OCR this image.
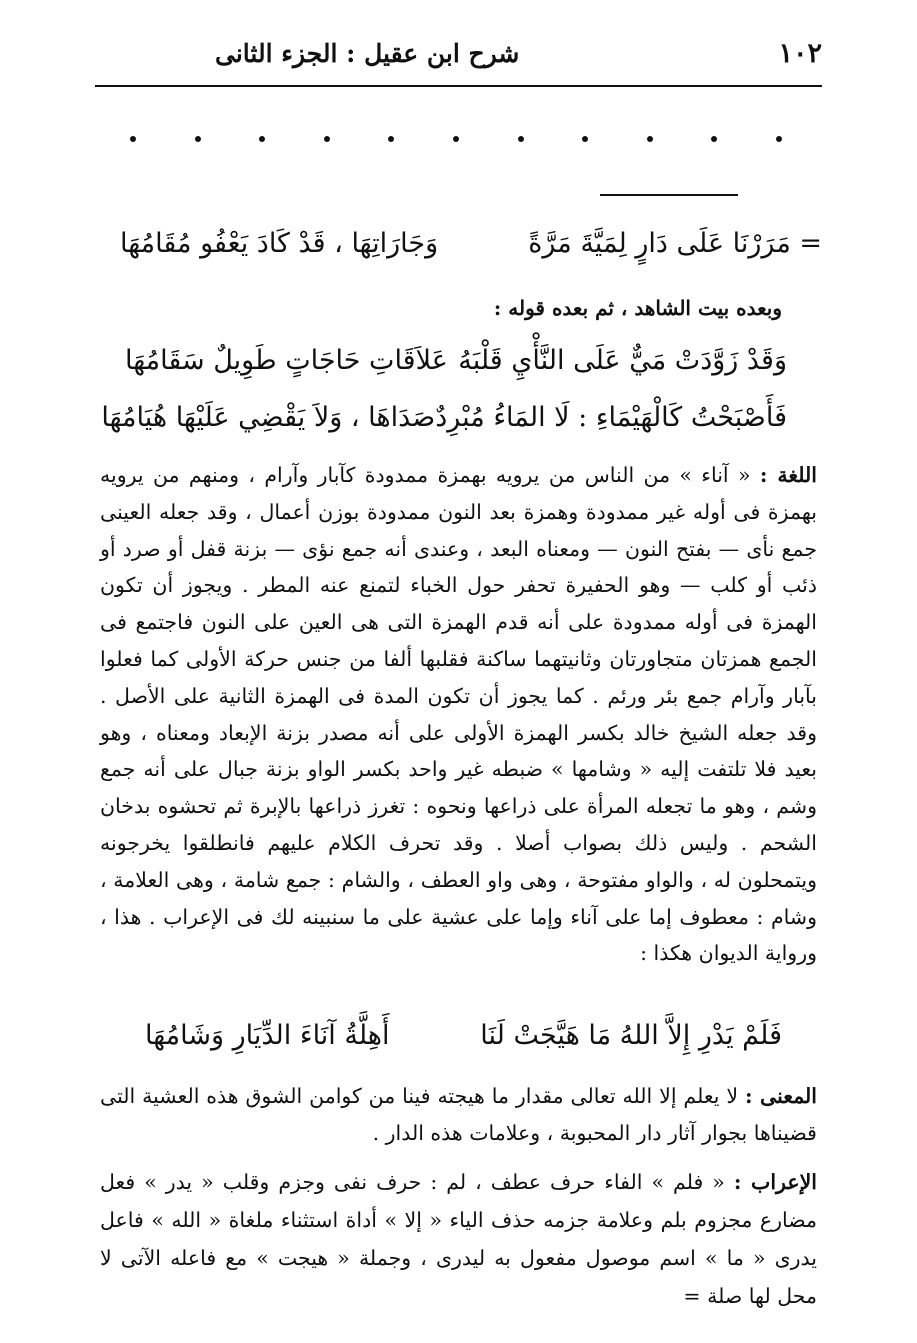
١٠٢
شرح ابن عقيل : الجزء الثانى
= مَرَرْنَا عَلَى دَارٍ لِمَيَّةَ مَرَّةً
وَجَارَاتِهَا ، قَدْ كَادَ يَعْفُو مُقَامُهَا
وبعده بيت الشاهد ، ثم بعده قوله :
وَقَدْ زَوَّدَتْ مَيٌّ عَلَى النَّأْيِ قَلْبَهُ
عَلاَقَاتِ حَاجَاتٍ طَوِيلٌ سَقَامُهَا
فَأَصْبَحْتُ كَالْهَيْمَاءِ : لَا المَاءُ مُبْرِدٌ
صَدَاهَا ، وَلاَ يَقْضِي عَلَيْهَا هُيَامُهَا
اللغة : « آناء » من الناس من يرويه بهمزة ممدودة كآبار وآرام ، ومنهم من يرويه بهمزة فى أوله غير ممدودة وهمزة بعد النون ممدودة بوزن أعمال ، وقد جعله العينى جمع نأى — بفتح النون — ومعناه البعد ، وعندى أنه جمع نؤى — بزنة قفل أو صرد أو ذئب أو كلب — وهو الحفيرة تحفر حول الخباء لتمنع عنه المطر . ويجوز أن تكون الهمزة فى أوله ممدودة على أنه قدم الهمزة التى هى العين على النون فاجتمع فى الجمع همزتان متجاورتان وثانيتهما ساكنة فقلبها ألفا من جنس حركة الأولى كما فعلوا بآبار وآرام جمع بئر ورئم . كما يجوز أن تكون المدة فى الهمزة الثانية على الأصل . وقد جعله الشيخ خالد بكسر الهمزة الأولى على أنه مصدر بزنة الإبعاد ومعناه ، وهو بعيد فلا تلتفت إليه « وشامها » ضبطه غير واحد بكسر الواو بزنة جبال على أنه جمع وشم ، وهو ما تجعله المرأة على ذراعها ونحوه : تغرز ذراعها بالإبرة ثم تحشوه بدخان الشحم . وليس ذلك بصواب أصلا . وقد تحرف الكلام عليهم فانطلقوا يخرجونه ويتمحلون له ، والواو مفتوحة ، وهى واو العطف ، والشام : جمع شامة ، وهى العلامة ، وشام : معطوف إما على آناء وإما على عشية على ما سنبينه لك فى الإعراب . هذا ، ورواية الديوان هكذا :
فَلَمْ يَدْرِ إِلاَّ اللهُ مَا هَيَّجَتْ لَنَا
أَهِلَّةُ آنَاءَ الدِّيَارِ وَشَامُهَا
المعنى : لا يعلم إلا الله تعالى مقدار ما هيجته فينا من كوامن الشوق هذه العشية التى قضيناها بجوار آثار دار المحبوبة ، وعلامات هذه الدار .
الإعراب : « فلم » الفاء حرف عطف ، لم : حرف نفى وجزم وقلب « يدر » فعل مضارع مجزوم بلم وعلامة جزمه حذف الياء « إلا » أداة استثناء ملغاة « الله » فاعل يدرى « ما » اسم موصول مفعول به ليدرى ، وجملة « هيجت » مع فاعله الآتى لا محل لها صلة =
